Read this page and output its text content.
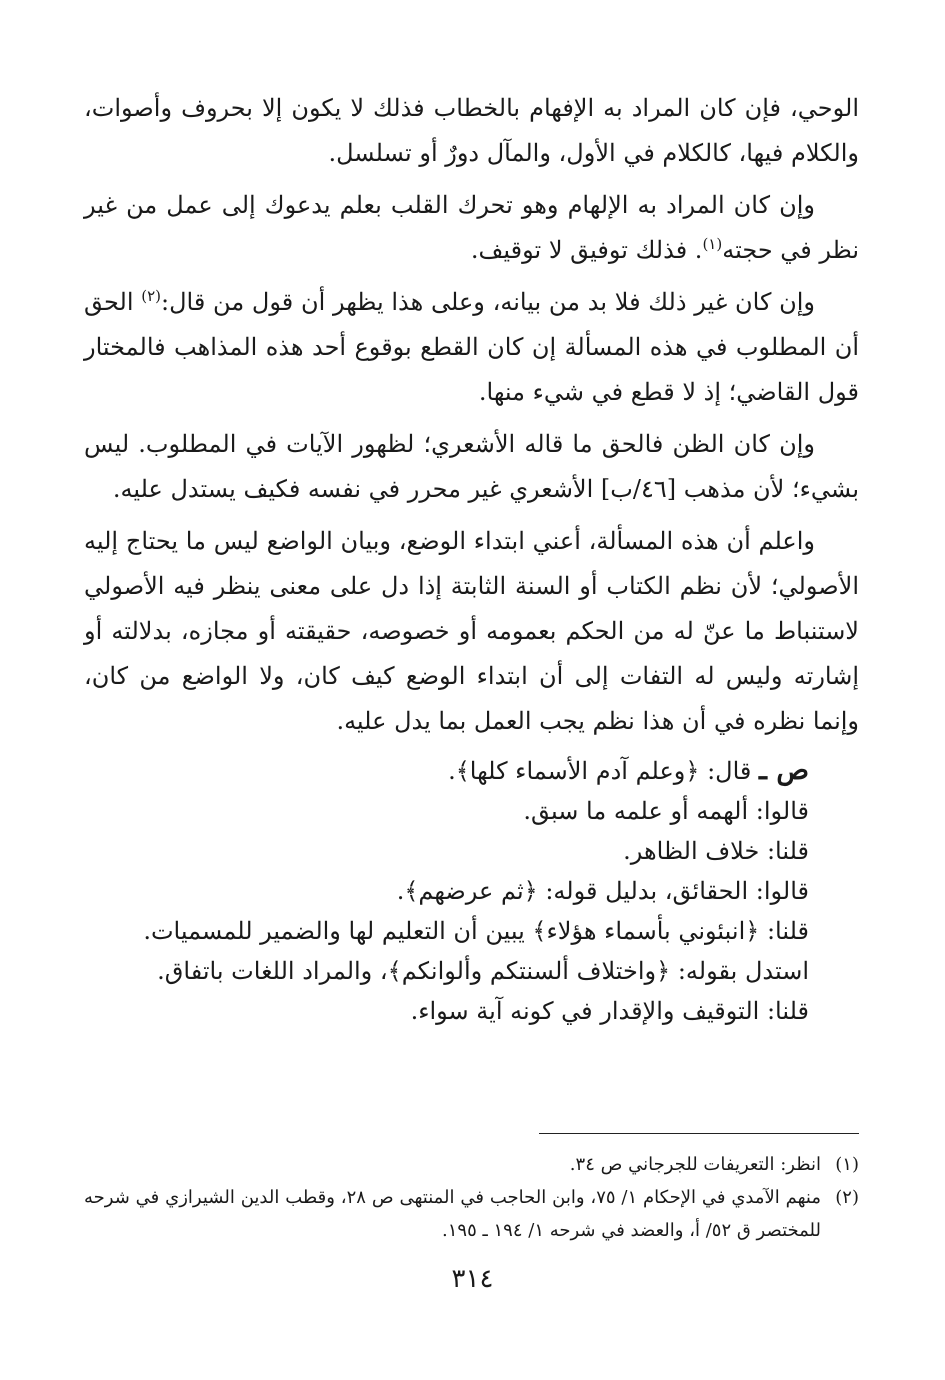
الوحي، فإن كان المراد به الإفهام بالخطاب فذلك لا يكون إلا بحروف وأصوات، والكلام فيها، كالكلام في الأول، والمآل دورٌ أو تسلسل.

وإن كان المراد به الإلهام وهو تحرك القلب بعلم يدعوك إلى عمل من غير نظر في حجته$^{(١)}$. فذلك توفيق لا توقيف.

وإن كان غير ذلك فلا بد من بيانه، وعلى هذا يظهر أن قول من قال:$^{(٢)}$ الحق أن المطلوب في هذه المسألة إن كان القطع بوقوع أحد هذه المذاهب فالمختار قول القاضي؛ إذ لا قطع في شيء منها.

وإن كان الظن فالحق ما قاله الأشعري؛ لظهور الآيات في المطلوب. ليس بشيء؛ لأن مذهب [٤٦/ب] الأشعري غير محرر في نفسه فكيف يستدل عليه.

واعلم أن هذه المسألة، أعني ابتداء الوضع، وبيان الواضع ليس ما يحتاج إليه الأصولي؛ لأن نظم الكتاب أو السنة الثابتة إذا دل على معنى ينظر فيه الأصولي لاستنباط ما عنّ له من الحكم بعمومه أو خصوصه، حقيقته أو مجازه، بدلالته أو إشارته وليس له التفات إلى أن ابتداء الوضع كيف كان، ولا الواضع من كان، وإنما نظره في أن هذا نظم يجب العمل بما يدل عليه.

ص ـ قال: ﴿وعلم آدم الأسماء كلها﴾.
قالوا: ألهمه أو علمه ما سبق.
قلنا: خلاف الظاهر.
قالوا: الحقائق، بدليل قوله: ﴿ثم عرضهم﴾.
قلنا: ﴿انبئوني بأسماء هؤلاء﴾ يبين أن التعليم لها والضمير للمسميات.
استدل بقوله: ﴿واختلاف ألسنتكم وألوانكم﴾، والمراد اللغات باتفاق.
قلنا: التوقيف والإقدار في كونه آية سواء.
(١)
انظر: التعريفات للجرجاني ص ٣٤.
(٢)
منهم الآمدي في الإحكام ١/ ٧٥، وابن الحاجب في المنتهى ص ٢٨، وقطب الدين الشيرازي في شرحه للمختصر ق ٥٢/ أ، والعضد في شرحه ١/ ١٩٤ ـ ١٩٥.
٣١٤
